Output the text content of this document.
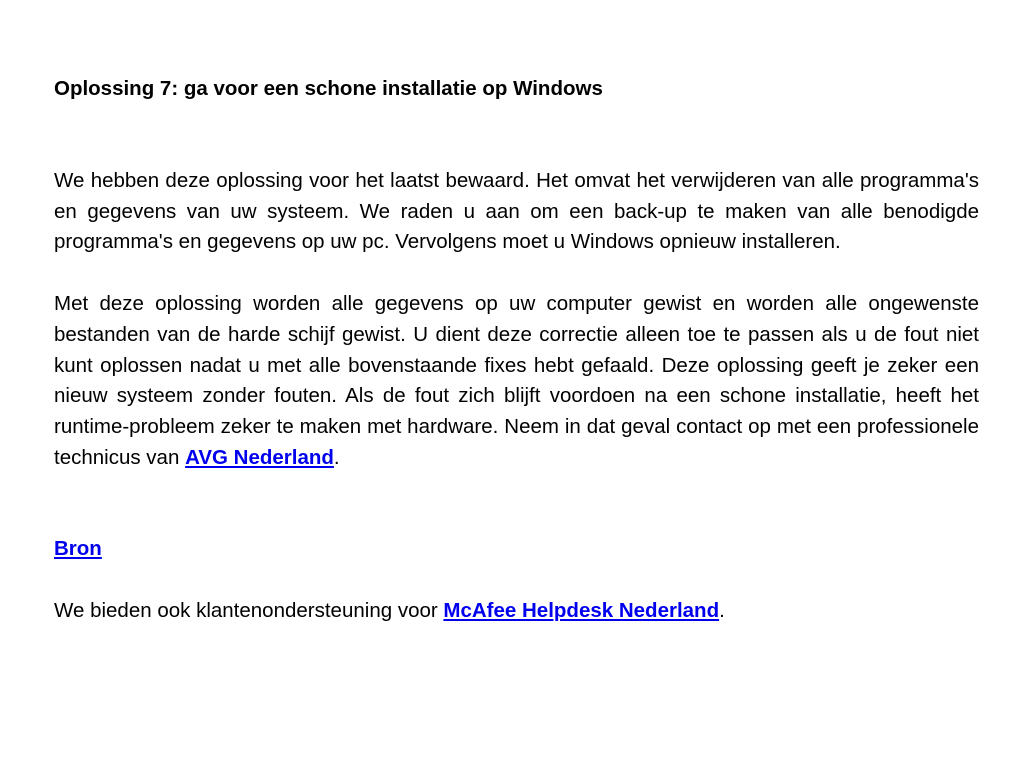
Oplossing 7: ga voor een schone installatie op Windows

We hebben deze oplossing voor het laatst bewaard. Het omvat het verwijderen van alle programma's en gegevens van uw systeem. We raden u aan om een back-up te maken van alle benodigde programma's en gegevens op uw pc. Vervolgens moet u Windows opnieuw installeren.

Met deze oplossing worden alle gegevens op uw computer gewist en worden alle ongewenste bestanden van de harde schijf gewist. U dient deze correctie alleen toe te passen als u de fout niet kunt oplossen nadat u met alle bovenstaande fixes hebt gefaald. Deze oplossing geeft je zeker een nieuw systeem zonder fouten. Als de fout zich blijft voordoen na een schone installatie, heeft het runtime-probleem zeker te maken met hardware. Neem in dat geval contact op met een professionele technicus van AVG Nederland.

Bron

We bieden ook klantenondersteuning voor McAfee Helpdesk Nederland.
